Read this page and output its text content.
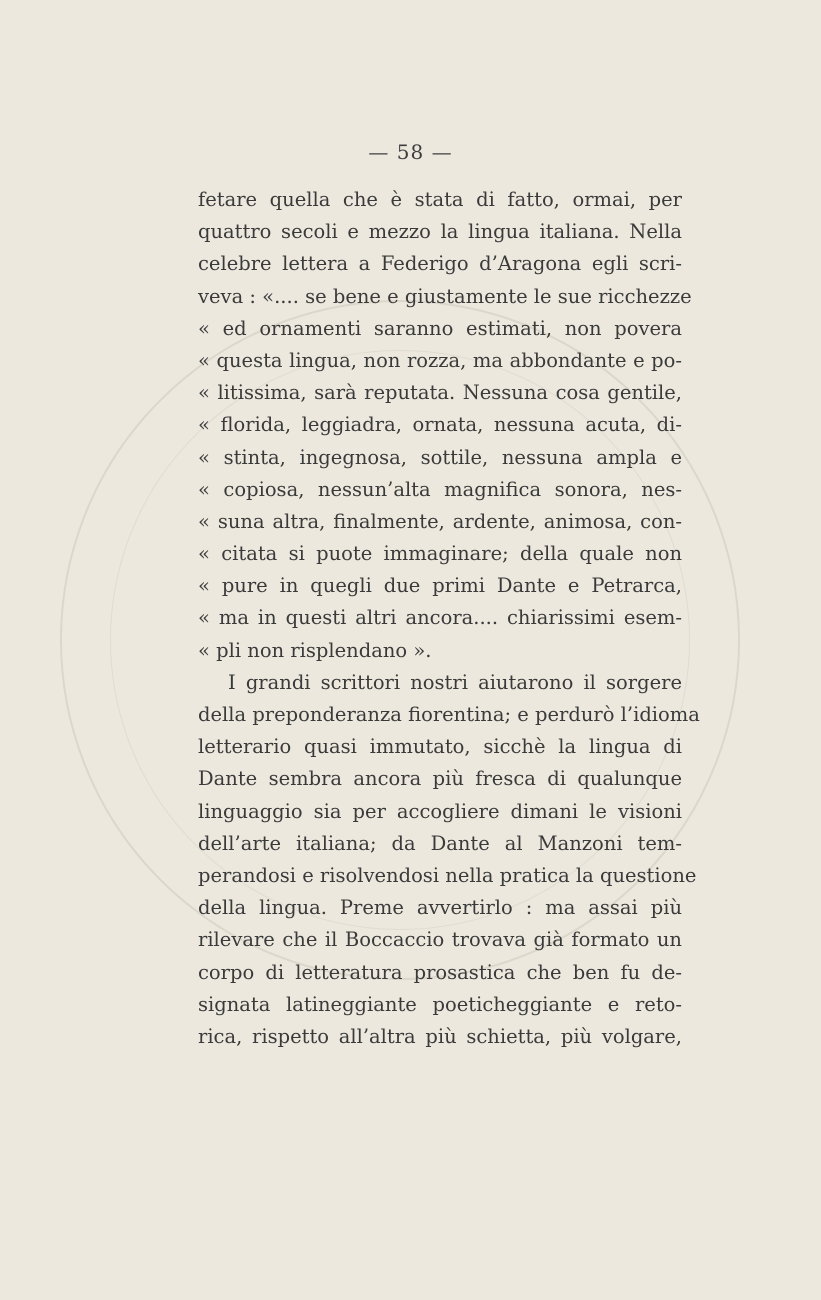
— 58 —
fetare quella che è stata di fatto, ormai, per
quattro secoli e mezzo la lingua italiana. Nella
celebre lettera a Federigo d’Aragona egli scri-
veva : «.... se bene e giustamente le sue ricchezze
« ed ornamenti saranno estimati, non povera
« questa lingua, non rozza, ma abbondante e po-
« litissima, sarà reputata. Nessuna cosa gentile,
« florida, leggiadra, ornata, nessuna acuta, di-
« stinta, ingegnosa, sottile, nessuna ampla e
« copiosa, nessun’alta magnifica sonora, nes-
« suna altra, finalmente, ardente, animosa, con-
« citata si puote immaginare; della quale non
« pure in quegli due primi Dante e Petrarca,
« ma in questi altri ancora.... chiarissimi esem-
« pli non risplendano ».
I grandi scrittori nostri aiutarono il sorgere
della preponderanza fiorentina; e perdurò l’idioma
letterario quasi immutato, sicchè la lingua di
Dante sembra ancora più fresca di qualunque
linguaggio sia per accogliere dimani le visioni
dell’arte italiana; da Dante al Manzoni tem-
perandosi e risolvendosi nella pratica la questione
della lingua. Preme avvertirlo : ma assai più
rilevare che il Boccaccio trovava già formato un
corpo di letteratura prosastica che ben fu de-
signata latineggiante poeticheggiante e reto-
rica, rispetto all’altra più schietta, più volgare,
